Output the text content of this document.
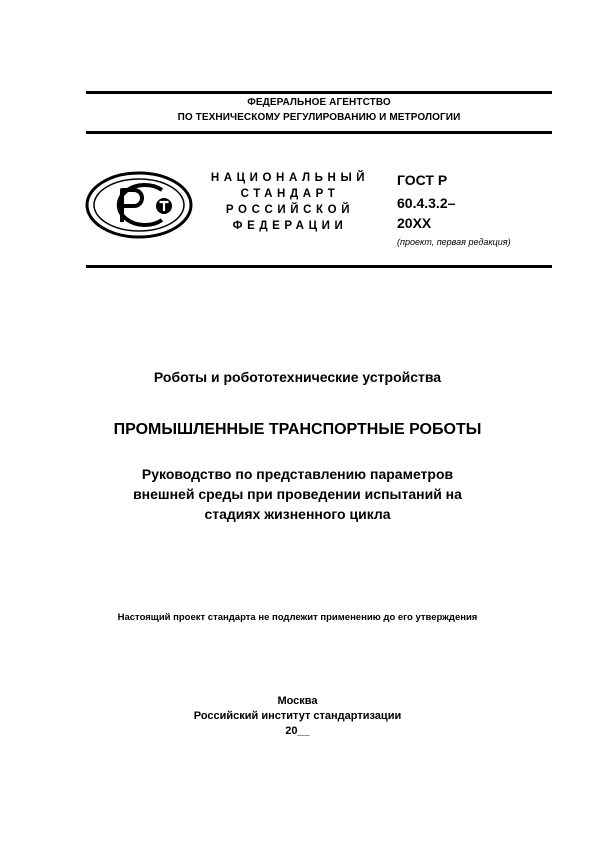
ФЕДЕРАЛЬНОЕ АГЕНТСТВО
ПО ТЕХНИЧЕСКОМУ РЕГУЛИРОВАНИЮ И МЕТРОЛОГИИ
НАЦИОНАЛЬНЫЙ
СТАНДАРТ
РОССИЙСКОЙ
ФЕДЕРАЦИИ
ГОСТ Р
60.4.3.2–
20ХХ
(проект, первая редакция)
Роботы и робототехнические устройства
ПРОМЫШЛЕННЫЕ ТРАНСПОРТНЫЕ РОБОТЫ
Руководство по представлению параметров
внешней среды при проведении испытаний на
стадиях жизненного цикла
Настоящий проект стандарта не подлежит применению до его утверждения
Москва
Российский институт стандартизации
20__
